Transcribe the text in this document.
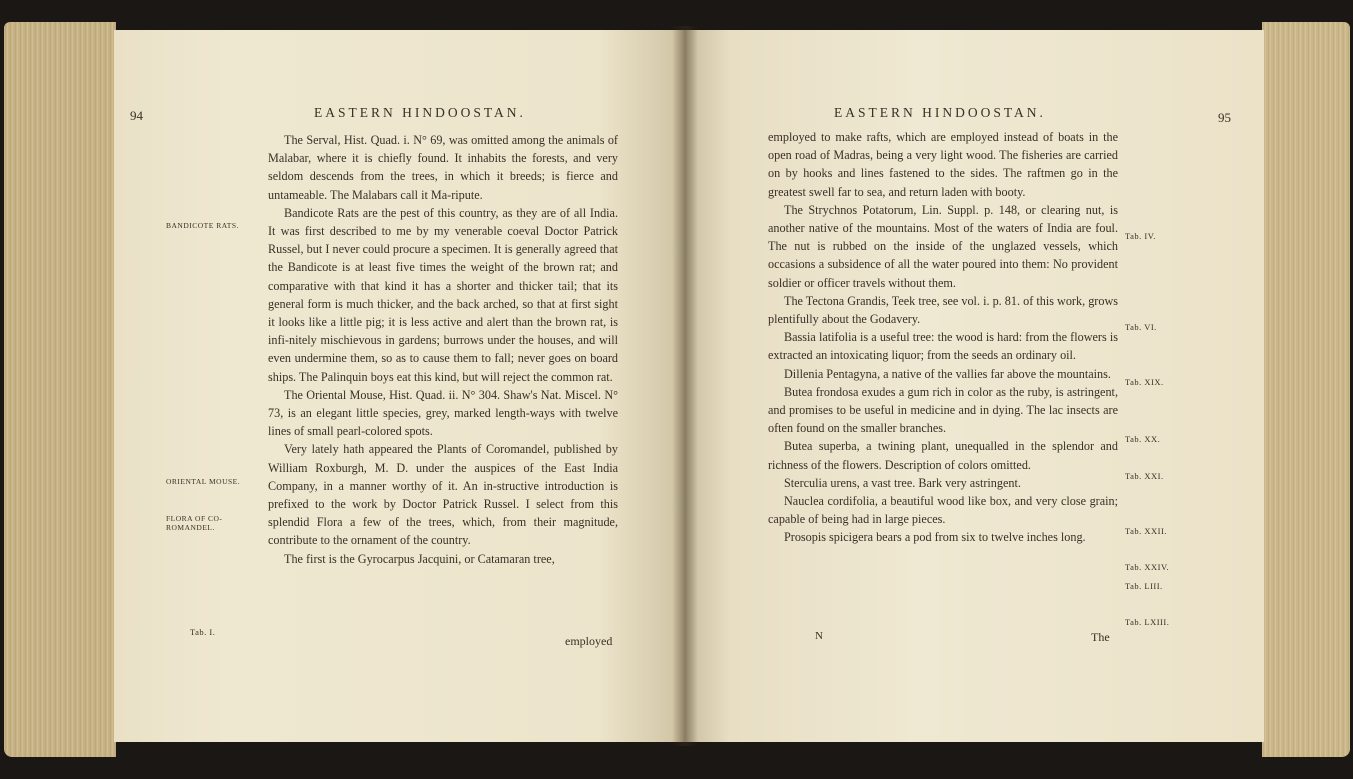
94	EASTERN HINDOOSTAN.
BANDICOTE RATS.
ORIENTAL MOUSE.
FLORA OF CO-ROMANDEL.
Tab. I.

The Serval, Hist. Quad. i. N° 69, was omitted among the animals of Malabar, where it is chiefly found. It inhabits the forests, and very seldom descends from the trees, in which it breeds; is fierce and untameable. The Malabars call it Ma-ripute.

Bandicote Rats are the pest of this country, as they are of all India. It was first described to me by my venerable coeval Doctor Patrick Russel, but I never could procure a specimen. It is generally agreed that the Bandicote is at least five times the weight of the brown rat; and comparative with that kind it has a shorter and thicker tail; that its general form is much thicker, and the back arched, so that at first sight it looks like a little pig; it is less active and alert than the brown rat, is infi-nitely mischievous in gardens; burrows under the houses, and will even undermine them, so as to cause them to fall; never goes on board ships. The Palinquin boys eat this kind, but will reject the common rat.

The Oriental Mouse, Hist. Quad. ii. N° 304. Shaw's Nat. Miscel. N° 73, is an elegant little species, grey, marked length-ways with twelve lines of small pearl-colored spots.

Very lately hath appeared the Plants of Coromandel, published by William Roxburgh, M. D. under the auspices of the East India Company, in a manner worthy of it. An in-structive introduction is prefixed to the work by Doctor Patrick Russel. I select from this splendid Flora a few of the trees, which, from their magnitude, contribute to the ornament of the country.

The first is the Gyrocarpus Jacquini, or Catamaran tree,

employed
EASTERN HINDOOSTAN.	95

employed to make rafts, which are employed instead of boats in the open road of Madras, being a very light wood. The fisheries are carried on by hooks and lines fastened to the sides. The raftmen go in the greatest swell far to sea, and return laden with booty.

The Strychnos Potatorum, Lin. Suppl. p. 148, or clearing nut, is another native of the mountains. Most of the waters of India are foul. The nut is rubbed on the inside of the unglazed vessels, which occasions a subsidence of all the water poured into them: No provident soldier or officer travels without them.

The Tectona Grandis, Teek tree, see vol. i. p. 81. of this work, grows plentifully about the Godavery.

Bassia latifolia is a useful tree: the wood is hard: from the flowers is extracted an intoxicating liquor; from the seeds an ordinary oil.

Dillenia Pentagyna, a native of the vallies far above the mountains.

Butea frondosa exudes a gum rich in color as the ruby, is astringent, and promises to be useful in medicine and in dying. The lac insects are often found on the smaller branches.

Butea superba, a twining plant, unequalled in the splendor and richness of the flowers. Description of colors omitted.

Sterculia urens, a vast tree. Bark very astringent.

Nauclea cordifolia, a beautiful wood like box, and very close grain; capable of being had in large pieces.

Prosopis spicigera bears a pod from six to twelve inches long.

Tab. IV.
Tab. VI.
Tab. XIX.
Tab. XX.
Tab. XXI.
Tab. XXII.
Tab. XXIV.
Tab. LIII.
Tab. LXIII.
N	The
